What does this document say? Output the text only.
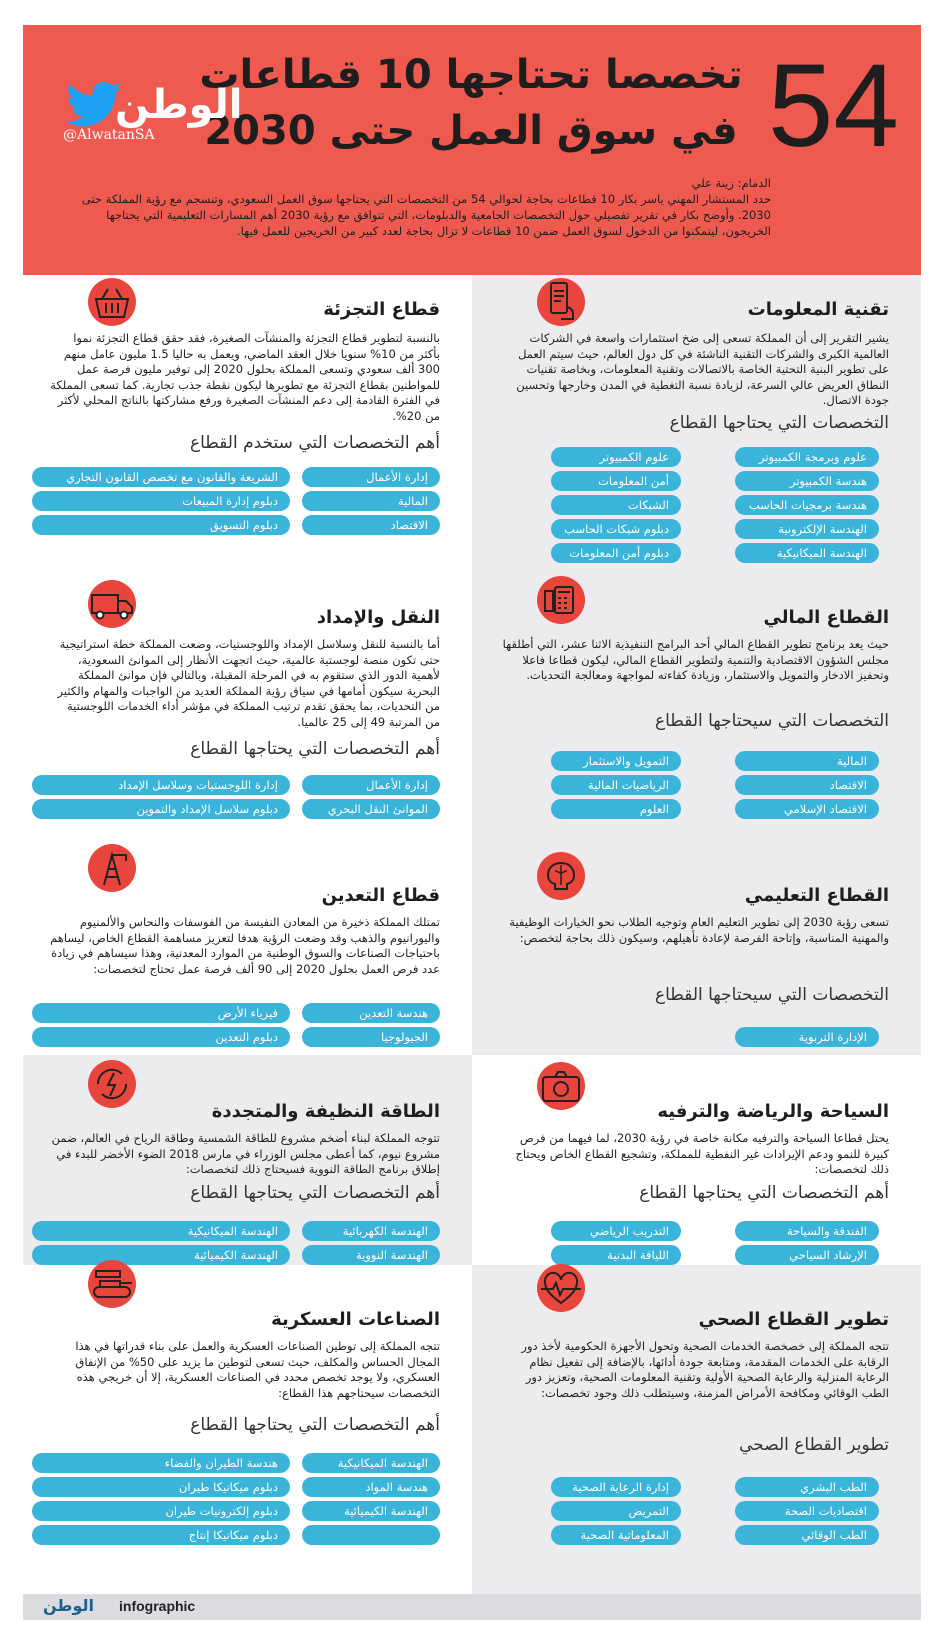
54
تخصصا تحتاجها 10 قطاعات
في سوق العمل حتى 2030
الوطن
@AlwatanSA
الدمام: زينة علي
حدد المستشار المهني ياسر بكار 10 قطاعات بحاجة لحوالي 54 من التخصصات التي يحتاجها سوق العمل السعودي، وتنسجم مع رؤية المملكة حتى 2030. وأوضح بكار في تقرير تفصيلي حول التخصصات الجامعية والدبلومات، التي تتوافق مع رؤية 2030 أهم المسارات التعليمية التي يحتاجها الخريجون، ليتمكنوا من الدخول لسوق العمل ضمن 10 قطاعات لا تزال بحاجة لعدد كبير من الخريجين للعمل فيها.
تقنية المعلومات
يشير التقرير إلى أن المملكة تسعى إلى ضخ استثمارات واسعة في الشركات العالمية الكبرى والشركات التقنية الناشئة في كل دول العالم، حيث سيتم العمل على تطوير البنية التحتية الخاصة بالاتصالات وتقنية المعلومات، وبخاصة تقنيات النطاق العريض عالي السرعة، لزيادة نسبة التغطية في المدن وخارجها وتحسين جودة الاتصال.
التخصصات التي يحتاجها القطاع
علوم وبرمجة الكمبيوتر
علوم الكمبيوتر
هندسة الكمبيوتر
أمن المعلومات
هندسة برمجيات الحاسب
الشبكات
الهندسة الإلكترونية
دبلوم شبكات الحاسب
الهندسة الميكانيكية
دبلوم أمن المعلومات
قطاع التجزئة
بالنسبة لتطوير قطاع التجزئة والمنشآت الصغيرة، فقد حقق قطاع التجزئة نموا بأكثر من 10% سنويا خلال العقد الماضي، ويعمل به حاليا 1.5 مليون عامل منهم 300 ألف سعودي وتسعى المملكة بحلول 2020 إلى توفير مليون فرصة عمل للمواطنين بقطاع التجزئة مع تطويرها ليكون نقطة جذب تجارية. كما تسعى المملكة في الفترة القادمة إلى دعم المنشآت الصغيرة ورفع مشاركتها بالناتج المحلي لأكثر من 20%.
أهم التخصصات التي ستخدم القطاع
إدارة الأعمال
الشريعة والقانون مع تخصص القانون التجاري
المالية
دبلوم إدارة المبيعات
الاقتصاد
دبلوم التسويق
القطاع المالي
حيث يعد برنامج تطوير القطاع المالي أحد البرامج التنفيذية الاثنا عشر، التي أطلقها مجلس الشؤون الاقتصادية والتنمية ولتطوير القطاع المالي، ليكون قطاعا فاعلا وتحفيز الادخار والتمويل والاستثمار، وزيادة كفاءته لمواجهة ومعالجة التحديات.
التخصصات التي سيحتاجها القطاع
المالية
التمويل والاستثمار
الاقتصاد
الرياضيات المالية
الاقتصاد الإسلامي
العلوم
النقل والإمداد
أما بالنسبة للنقل وسلاسل الإمداد واللوجستيات، وضعت المملكة خطة استراتيجية حتى تكون منصة لوجستية عالمية، حيث اتجهت الأنظار إلى الموانئ السعودية، لأهمية الدور الذي ستقوم به في المرحلة المقبلة، وبالتالي فإن موانئ المملكة البحرية سيكون أمامها في سياق رؤية المملكة العديد من الواجبات والمهام والكثير من التحديات، بما يحقق تقدم ترتيب المملكة في مؤشر أداء الخدمات اللوجستية من المرتبة 49 إلى 25 عالميا.
أهم التخصصات التي يحتاجها القطاع
إدارة الأعمال
إدارة اللوجستيات وسلاسل الإمداد
الموانئ النقل البحري
دبلوم سلاسل الإمداد والتموين
القطاع التعليمي
تسعى رؤية 2030 إلى تطوير التعليم العام وتوجيه الطلاب نحو الخيارات الوظيفية والمهنية المناسبة، وإتاحة الفرصة لإعادة تأهيلهم، وسيكون ذلك بحاجة لتخصص:
التخصصات التي سيحتاجها القطاع
الإدارة التربوية
قطاع التعدين
تمتلك المملكة ذخيرة من المعادن النفيسة من الفوسفات والنحاس والألمنيوم واليورانيوم والذهب وقد وضعت الرؤية هدفا لتعزيز مساهمة القطاع الخاص، ليساهم باحتياجات الصناعات والسوق الوطنية من الموارد المعدنية، وهذا سيساهم في زيادة عدد فرص العمل بحلول 2020 إلى 90 ألف فرصة عمل تحتاج لتخصصات:
هندسة التعدين
فيزياء الأرض
الجيولوجيا
دبلوم التعدين
السياحة والرياضة والترفيه
يحتل قطاعا السياحة والترفيه مكانة خاصة في رؤية 2030، لما فيهما من فرص كبيرة للنمو ودعم الإيرادات غير النفطية للمملكة، وتشجيع القطاع الخاص ويحتاج ذلك لتخصصات:
أهم التخصصات التي يحتاجها القطاع
الفندقة والسياحة
التدريب الرياضي
الإرشاد السياحي
اللياقة البدنية
الطاقة النظيفة والمتجددة
تتوجه المملكة لبناء أضخم مشروع للطاقة الشمسية وطاقة الرياح في العالم، ضمن مشروع نيوم، كما أعطى مجلس الوزراء في مارس 2018 الضوء الأخضر للبدء في إطلاق برنامج الطاقة النووية فسيحتاج ذلك لتخصصات:
أهم التخصصات التي يحتاجها القطاع
الهندسة الكهربائية
الهندسة الميكانيكية
الهندسة النووية
الهندسة الكيميائية
تطوير القطاع الصحي
تتجه المملكة إلى خصخصة الخدمات الصحية وتحول الأجهزة الحكومية لأخذ دور الرقابة على الخدمات المقدمة، ومتابعة جودة أدائها، بالإضافة إلى تفعيل نظام الرعاية المنزلية والرعاية الصحية الأولية وتقنية المعلومات الصحية، وتعزيز دور الطب الوقائي ومكافحة الأمراض المزمنة، وسيتطلب ذلك وجود تخصصات:
تطوير القطاع الصحي
الطب البشري
إدارة الرعاية الصحية
اقتصاديات الصحة
التمريض
الطب الوقائي
المعلوماتية الصحية
الصناعات العسكرية
تتجه المملكة إلى توطين الصناعات العسكرية والعمل على بناء قدراتها في هذا المجال الحساس والمكلف، حيث تسعى لتوطين ما يزيد على 50% من الإنفاق العسكري، ولا يوجد تخصص محدد في الصناعات العسكرية، إلا أن خريجي هذه التخصصات سيحتاجهم هذا القطاع:
أهم التخصصات التي يحتاجها القطاع
الهندسة الميكانيكية
هندسة الطيران والفضاء
هندسة المواد
دبلوم ميكانيكا طيران
الهندسة الكيميائية
دبلوم إلكترونيات طيران
دبلوم ميكانيكا إنتاج
الوطن infographic
